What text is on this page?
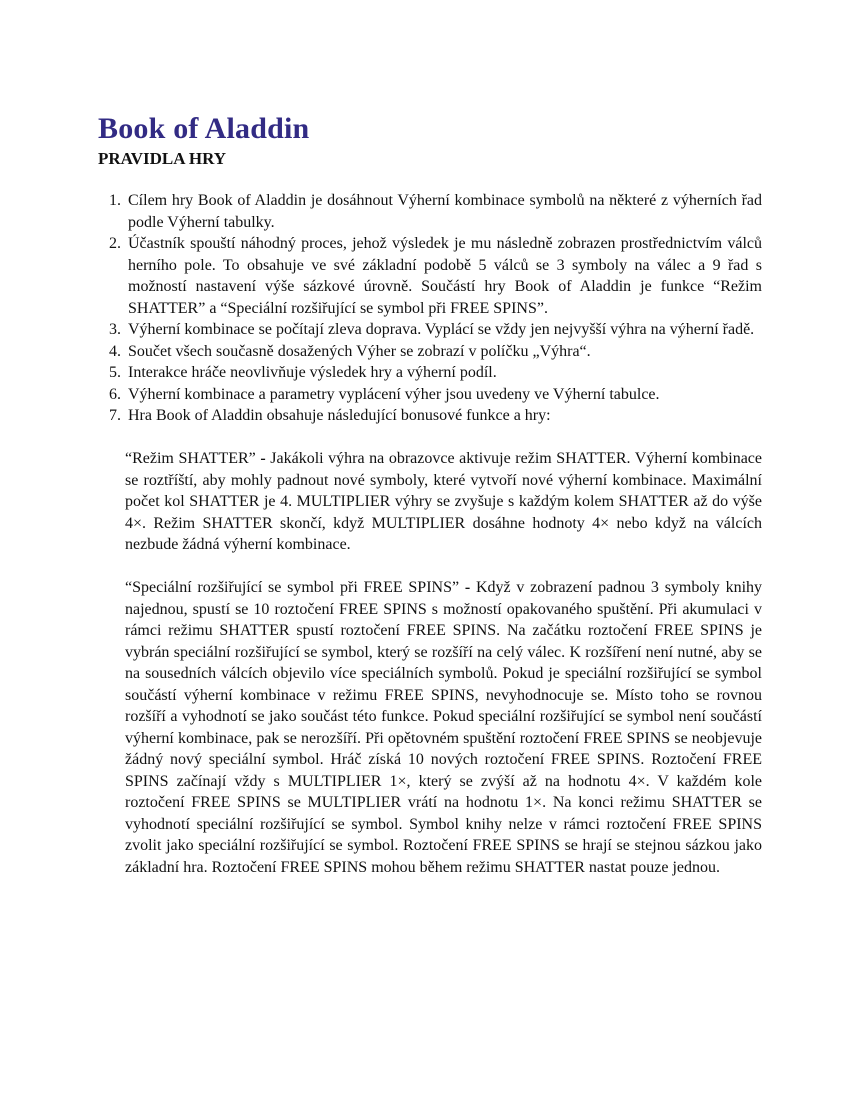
Book of Aladdin
PRAVIDLA HRY
1. Cílem hry Book of Aladdin je dosáhnout Výherní kombinace symbolů na některé z výherních řad podle Výherní tabulky.
2. Účastník spouští náhodný proces, jehož výsledek je mu následně zobrazen prostřednictvím válců herního pole. To obsahuje ve své základní podobě 5 válců se 3 symboly na válec a 9 řad s možností nastavení výše sázkové úrovně. Součástí hry Book of Aladdin je funkce “Režim SHATTER” a “Speciální rozšiřující se symbol při FREE SPINS”.
3. Výherní kombinace se počítají zleva doprava. Vyplácí se vždy jen nejvyšší výhra na výherní řadě.
4. Součet všech současně dosažených Výher se zobrazí v políčku „Výhra“.
5. Interakce hráče neovlivňuje výsledek hry a výherní podíl.
6. Výherní kombinace a parametry vyplácení výher jsou uvedeny ve Výherní tabulce.
7. Hra Book of Aladdin obsahuje následující bonusové funkce a hry:

“Režim SHATTER” - Jakákoli výhra na obrazovce aktivuje režim SHATTER. Výherní kombinace se roztříští, aby mohly padnout nové symboly, které vytvoří nové výherní kombinace. Maximální počet kol SHATTER je 4. MULTIPLIER výhry se zvyšuje s každým kolem SHATTER až do výše 4×. Režim SHATTER skončí, když MULTIPLIER dosáhne hodnoty 4× nebo když na válcích nezbude žádná výherní kombinace.

“Speciální rozšiřující se symbol při FREE SPINS” - Když v zobrazení padnou 3 symboly knihy najednou, spustí se 10 roztočení FREE SPINS s možností opakovaného spuštění. Při akumulaci v rámci režimu SHATTER spustí roztočení FREE SPINS. Na začátku roztočení FREE SPINS je vybrán speciální rozšiřující se symbol, který se rozšíří na celý válec. K rozšíření není nutné, aby se na sousedních válcích objevilo více speciálních symbolů. Pokud je speciální rozšiřující se symbol součástí výherní kombinace v režimu FREE SPINS, nevyhodnocuje se. Místo toho se rovnou rozšíří a vyhodnotí se jako součást této funkce. Pokud speciální rozšiřující se symbol není součástí výherní kombinace, pak se nerozšíří. Při opětovném spuštění roztočení FREE SPINS se neobjevuje žádný nový speciální symbol. Hráč získá 10 nových roztočení FREE SPINS. Roztočení FREE SPINS začínají vždy s MULTIPLIER 1×, který se zvýší až na hodnotu 4×. V každém kole roztočení FREE SPINS se MULTIPLIER vrátí na hodnotu 1×. Na konci režimu SHATTER se vyhodnotí speciální rozšiřující se symbol. Symbol knihy nelze v rámci roztočení FREE SPINS zvolit jako speciální rozšiřující se symbol. Roztočení FREE SPINS se hrají se stejnou sázkou jako základní hra. Roztočení FREE SPINS mohou během režimu SHATTER nastat pouze jednou.
